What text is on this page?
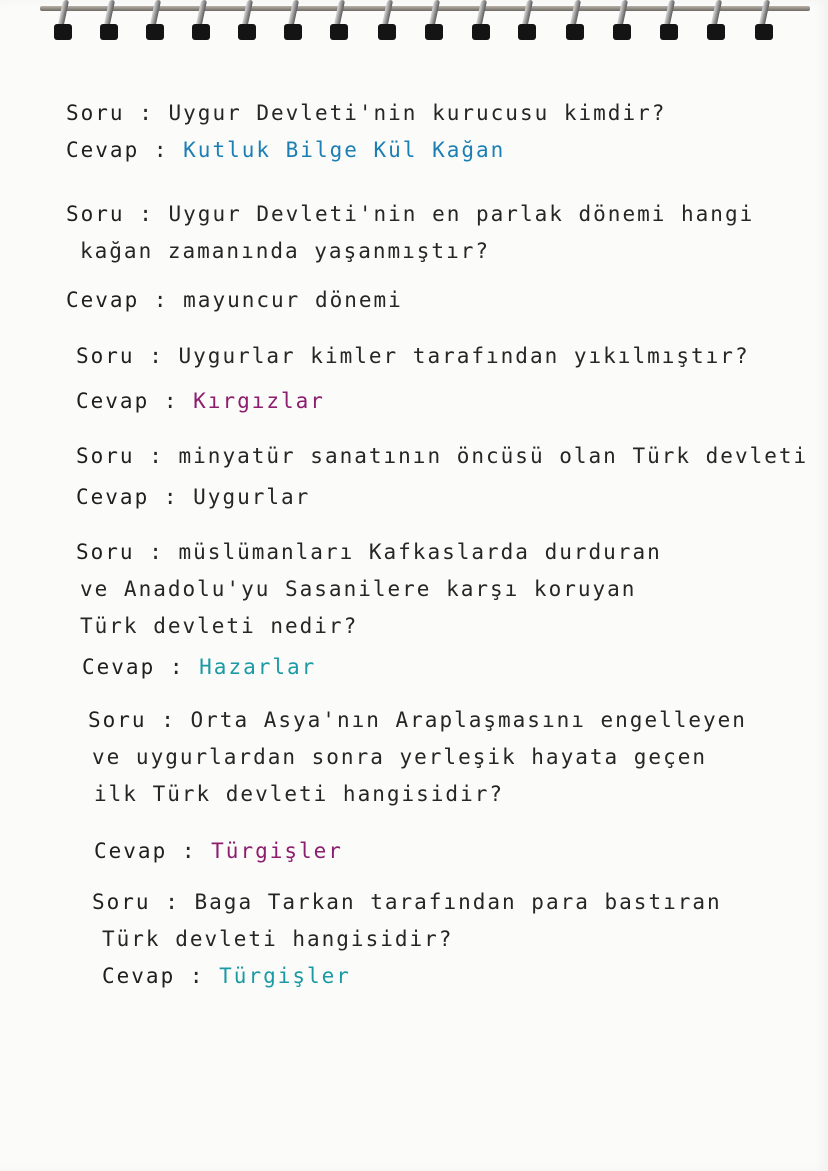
Soru : Uygur Devleti'nin kurucusu kimdir?
Cevap : Kutluk Bilge Kül Kağan
Soru : Uygur Devleti'nin en parlak dönemi hangi
kağan zamanında yaşanmıştır?
Cevap : mayuncur dönemi
Soru : Uygurlar kimler tarafından yıkılmıştır?
Cevap : Kırgızlar
Soru : minyatür sanatının öncüsü olan Türk devleti
Cevap : Uygurlar
Soru : müslümanları Kafkaslarda durduran
ve Anadolu'yu Sasanilere karşı koruyan
Türk devleti nedir?
Cevap : Hazarlar
Soru : Orta Asya'nın Araplaşmasını engelleyen
ve uygurlardan sonra yerleşik hayata geçen
ilk Türk devleti hangisidir?
Cevap : Türgişler
Soru : Baga Tarkan tarafından para bastıran
Türk devleti hangisidir?
Cevap : Türgişler
